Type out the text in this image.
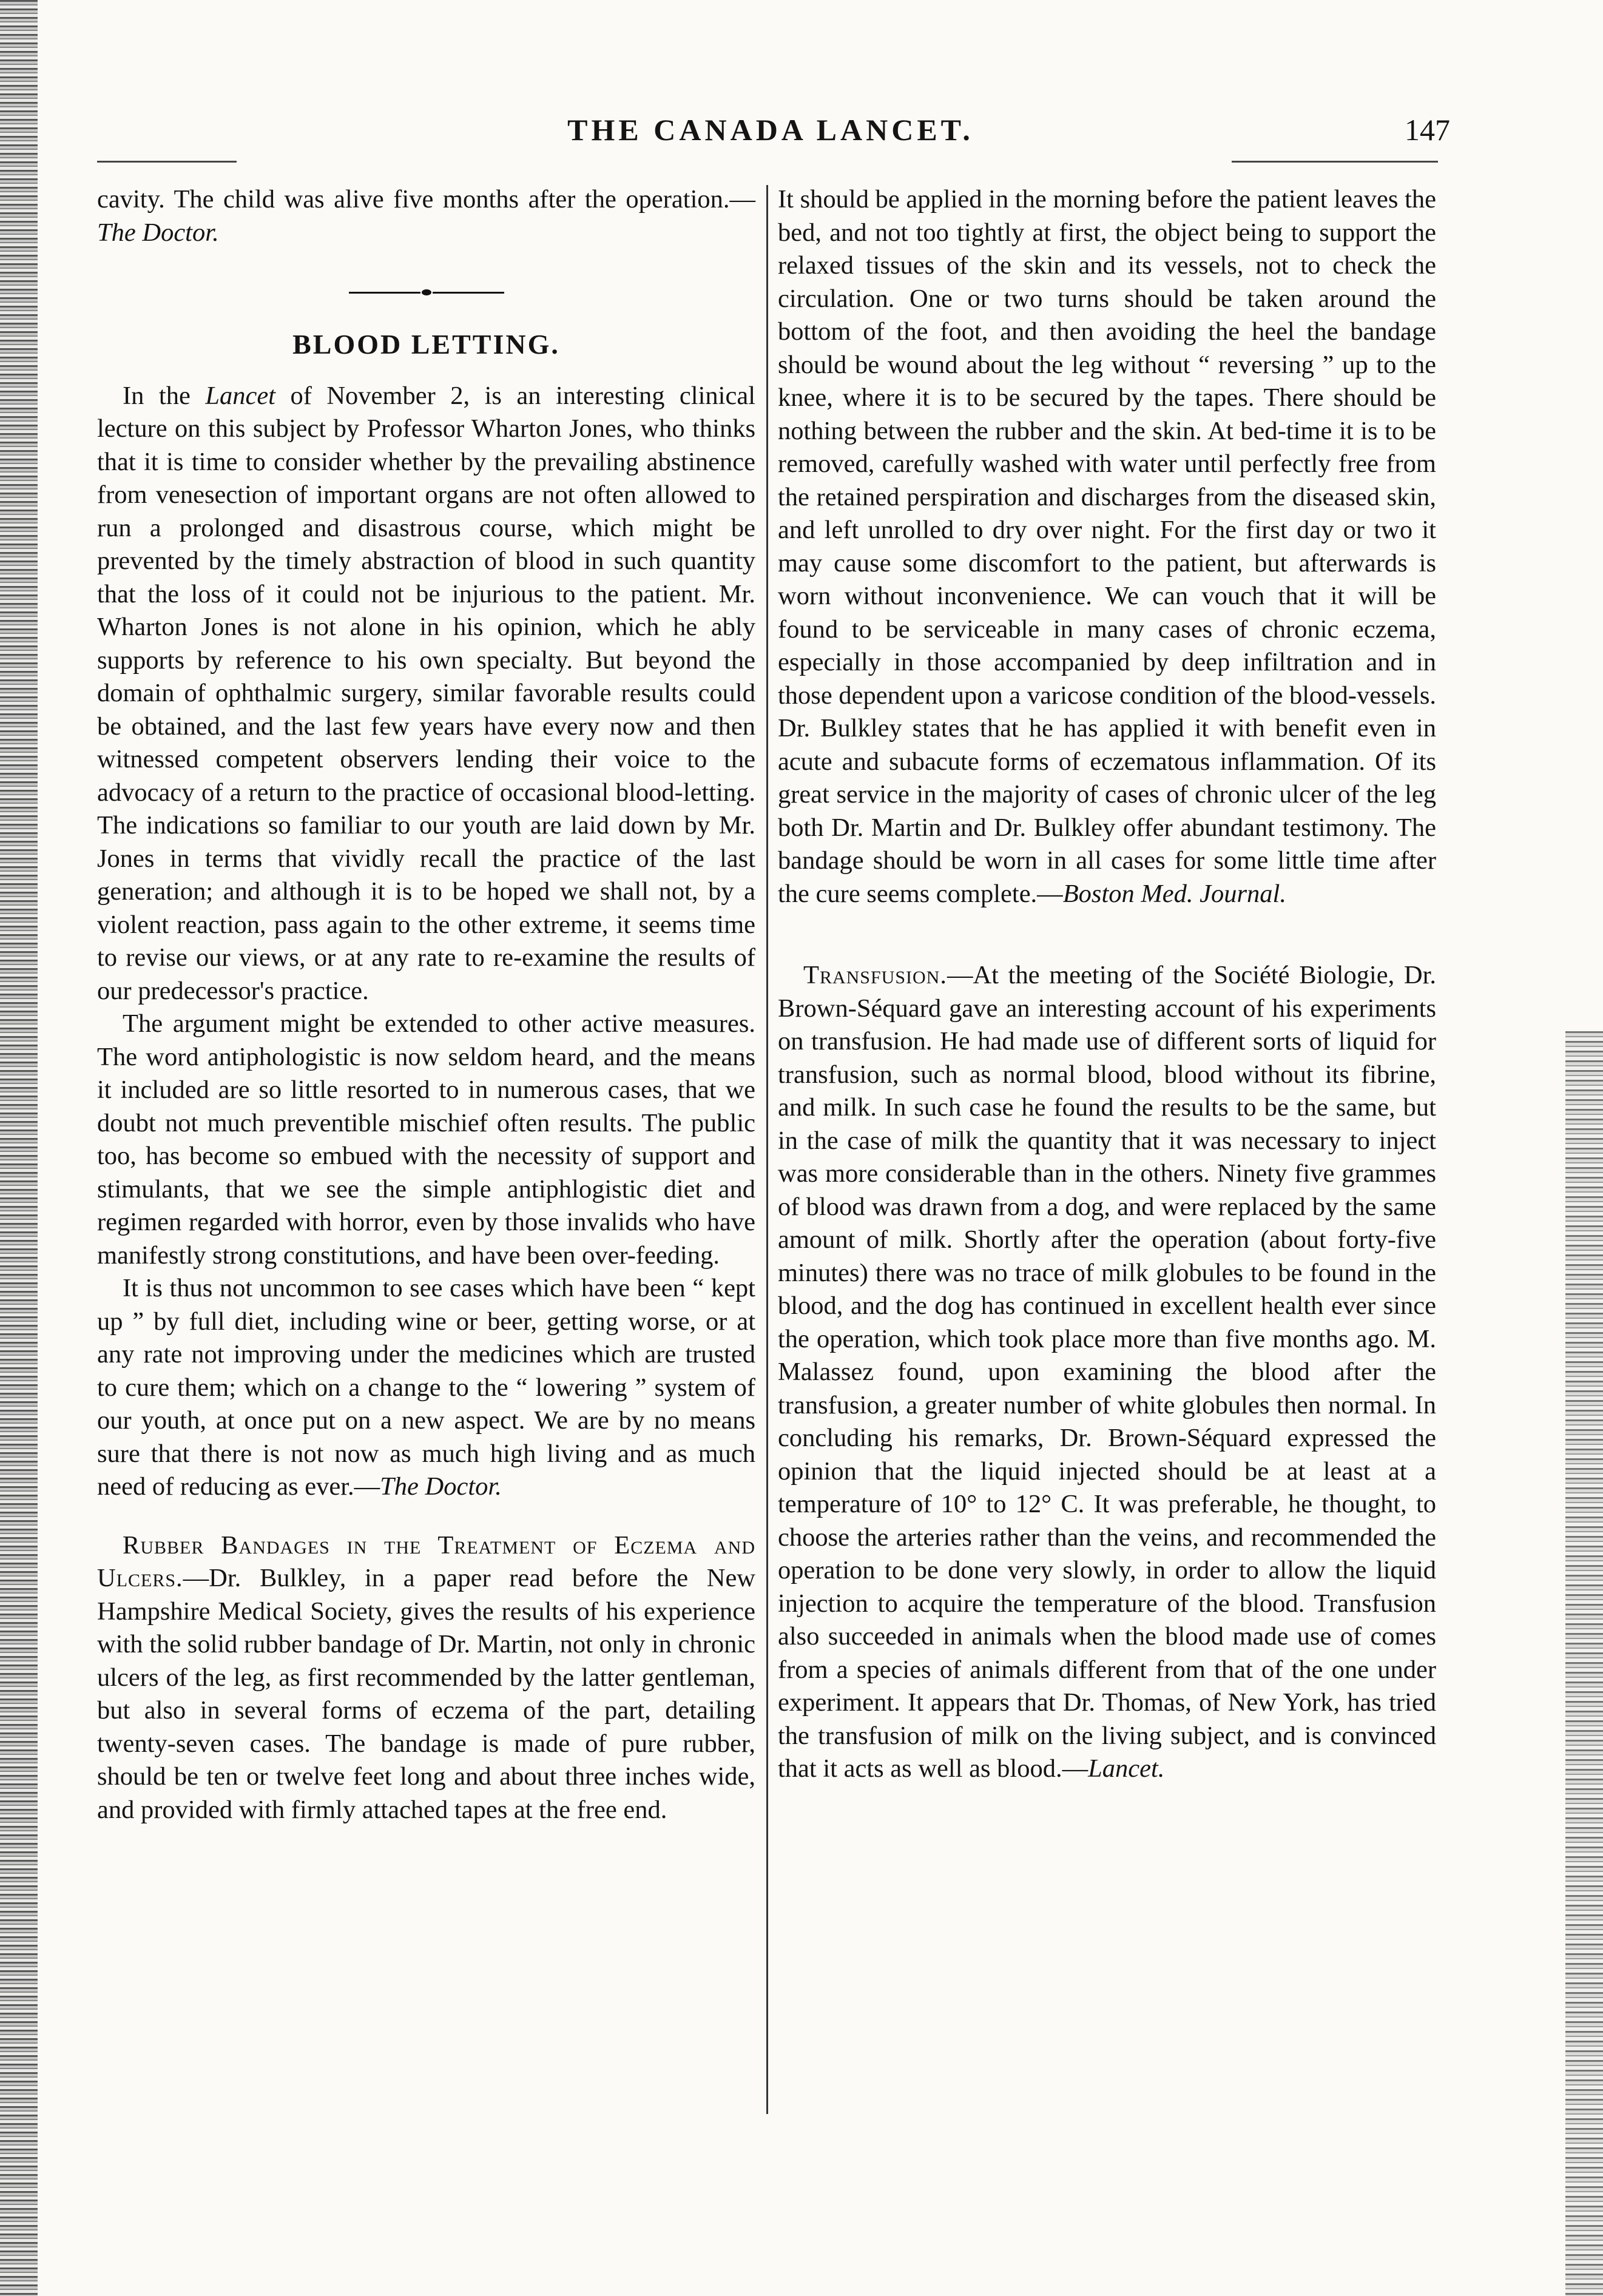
THE CANADA LANCET.	147

cavity. The child was alive five months after the operation.—The Doctor.

BLOOD LETTING.

In the Lancet of November 2, is an interesting clinical lecture on this subject by Professor Wharton Jones, who thinks that it is time to consider whether by the prevailing abstinence from venesection of important organs are not often allowed to run a prolonged and disastrous course, which might be prevented by the timely abstraction of blood in such quantity that the loss of it could not be injurious to the patient. Mr. Wharton Jones is not alone in his opinion, which he ably supports by reference to his own specialty. But beyond the domain of ophthalmic surgery, similar favorable results could be obtained, and the last few years have every now and then witnessed competent observers lending their voice to the advocacy of a return to the practice of occasional blood-letting. The indications so familiar to our youth are laid down by Mr. Jones in terms that vividly recall the practice of the last generation; and although it is to be hoped we shall not, by a violent reaction, pass again to the other extreme, it seems time to revise our views, or at any rate to re-examine the results of our predecessor's practice.

The argument might be extended to other active measures. The word antiphologistic is now seldom heard, and the means it included are so little resorted to in numerous cases, that we doubt not much preventible mischief often results. The public too, has become so embued with the necessity of support and stimulants, that we see the simple antiphlogistic diet and regimen regarded with horror, even by those invalids who have manifestly strong constitutions, and have been over-feeding.

It is thus not uncommon to see cases which have been “ kept up ” by full diet, including wine or beer, getting worse, or at any rate not improving under the medicines which are trusted to cure them; which on a change to the “ lowering ” system of our youth, at once put on a new aspect. We are by no means sure that there is not now as much high living and as much need of reducing as ever.—The Doctor.

Rubber Bandages in the Treatment of Eczema and Ulcers.—Dr. Bulkley, in a paper read before the New Hampshire Medical Society, gives the results of his experience with the solid rubber bandage of Dr. Martin, not only in chronic ulcers of the leg, as first recommended by the latter gentleman, but also in several forms of eczema of the part, detailing twenty-seven cases. The bandage is made of pure rubber, should be ten or twelve feet long and about three inches wide, and provided with firmly attached tapes at the free end.

It should be applied in the morning before the patient leaves the bed, and not too tightly at first, the object being to support the relaxed tissues of the skin and its vessels, not to check the circulation. One or two turns should be taken around the bottom of the foot, and then avoiding the heel the bandage should be wound about the leg without “ reversing ” up to the knee, where it is to be secured by the tapes. There should be nothing between the rubber and the skin. At bed-time it is to be removed, carefully washed with water until perfectly free from the retained perspiration and discharges from the diseased skin, and left unrolled to dry over night. For the first day or two it may cause some discomfort to the patient, but afterwards is worn without inconvenience. We can vouch that it will be found to be serviceable in many cases of chronic eczema, especially in those accompanied by deep infiltration and in those dependent upon a varicose condition of the blood-vessels. Dr. Bulkley states that he has applied it with benefit even in acute and subacute forms of eczematous inflammation. Of its great service in the majority of cases of chronic ulcer of the leg both Dr. Martin and Dr. Bulkley offer abundant testimony. The bandage should be worn in all cases for some little time after the cure seems complete.—Boston Med. Journal.

Transfusion.—At the meeting of the Société Biologie, Dr. Brown-Séquard gave an interesting account of his experiments on transfusion. He had made use of different sorts of liquid for transfusion, such as normal blood, blood without its fibrine, and milk. In such case he found the results to be the same, but in the case of milk the quantity that it was necessary to inject was more considerable than in the others. Ninety five grammes of blood was drawn from a dog, and were replaced by the same amount of milk. Shortly after the operation (about forty-five minutes) there was no trace of milk globules to be found in the blood, and the dog has continued in excellent health ever since the operation, which took place more than five months ago. M. Malassez found, upon examining the blood after the transfusion, a greater number of white globules then normal. In concluding his remarks, Dr. Brown-Séquard expressed the opinion that the liquid injected should be at least at a temperature of 10° to 12° C. It was preferable, he thought, to choose the arteries rather than the veins, and recommended the operation to be done very slowly, in order to allow the liquid injection to acquire the temperature of the blood. Transfusion also succeeded in animals when the blood made use of comes from a species of animals different from that of the one under experiment. It appears that Dr. Thomas, of New York, has tried the transfusion of milk on the living subject, and is convinced that it acts as well as blood.—Lancet.
